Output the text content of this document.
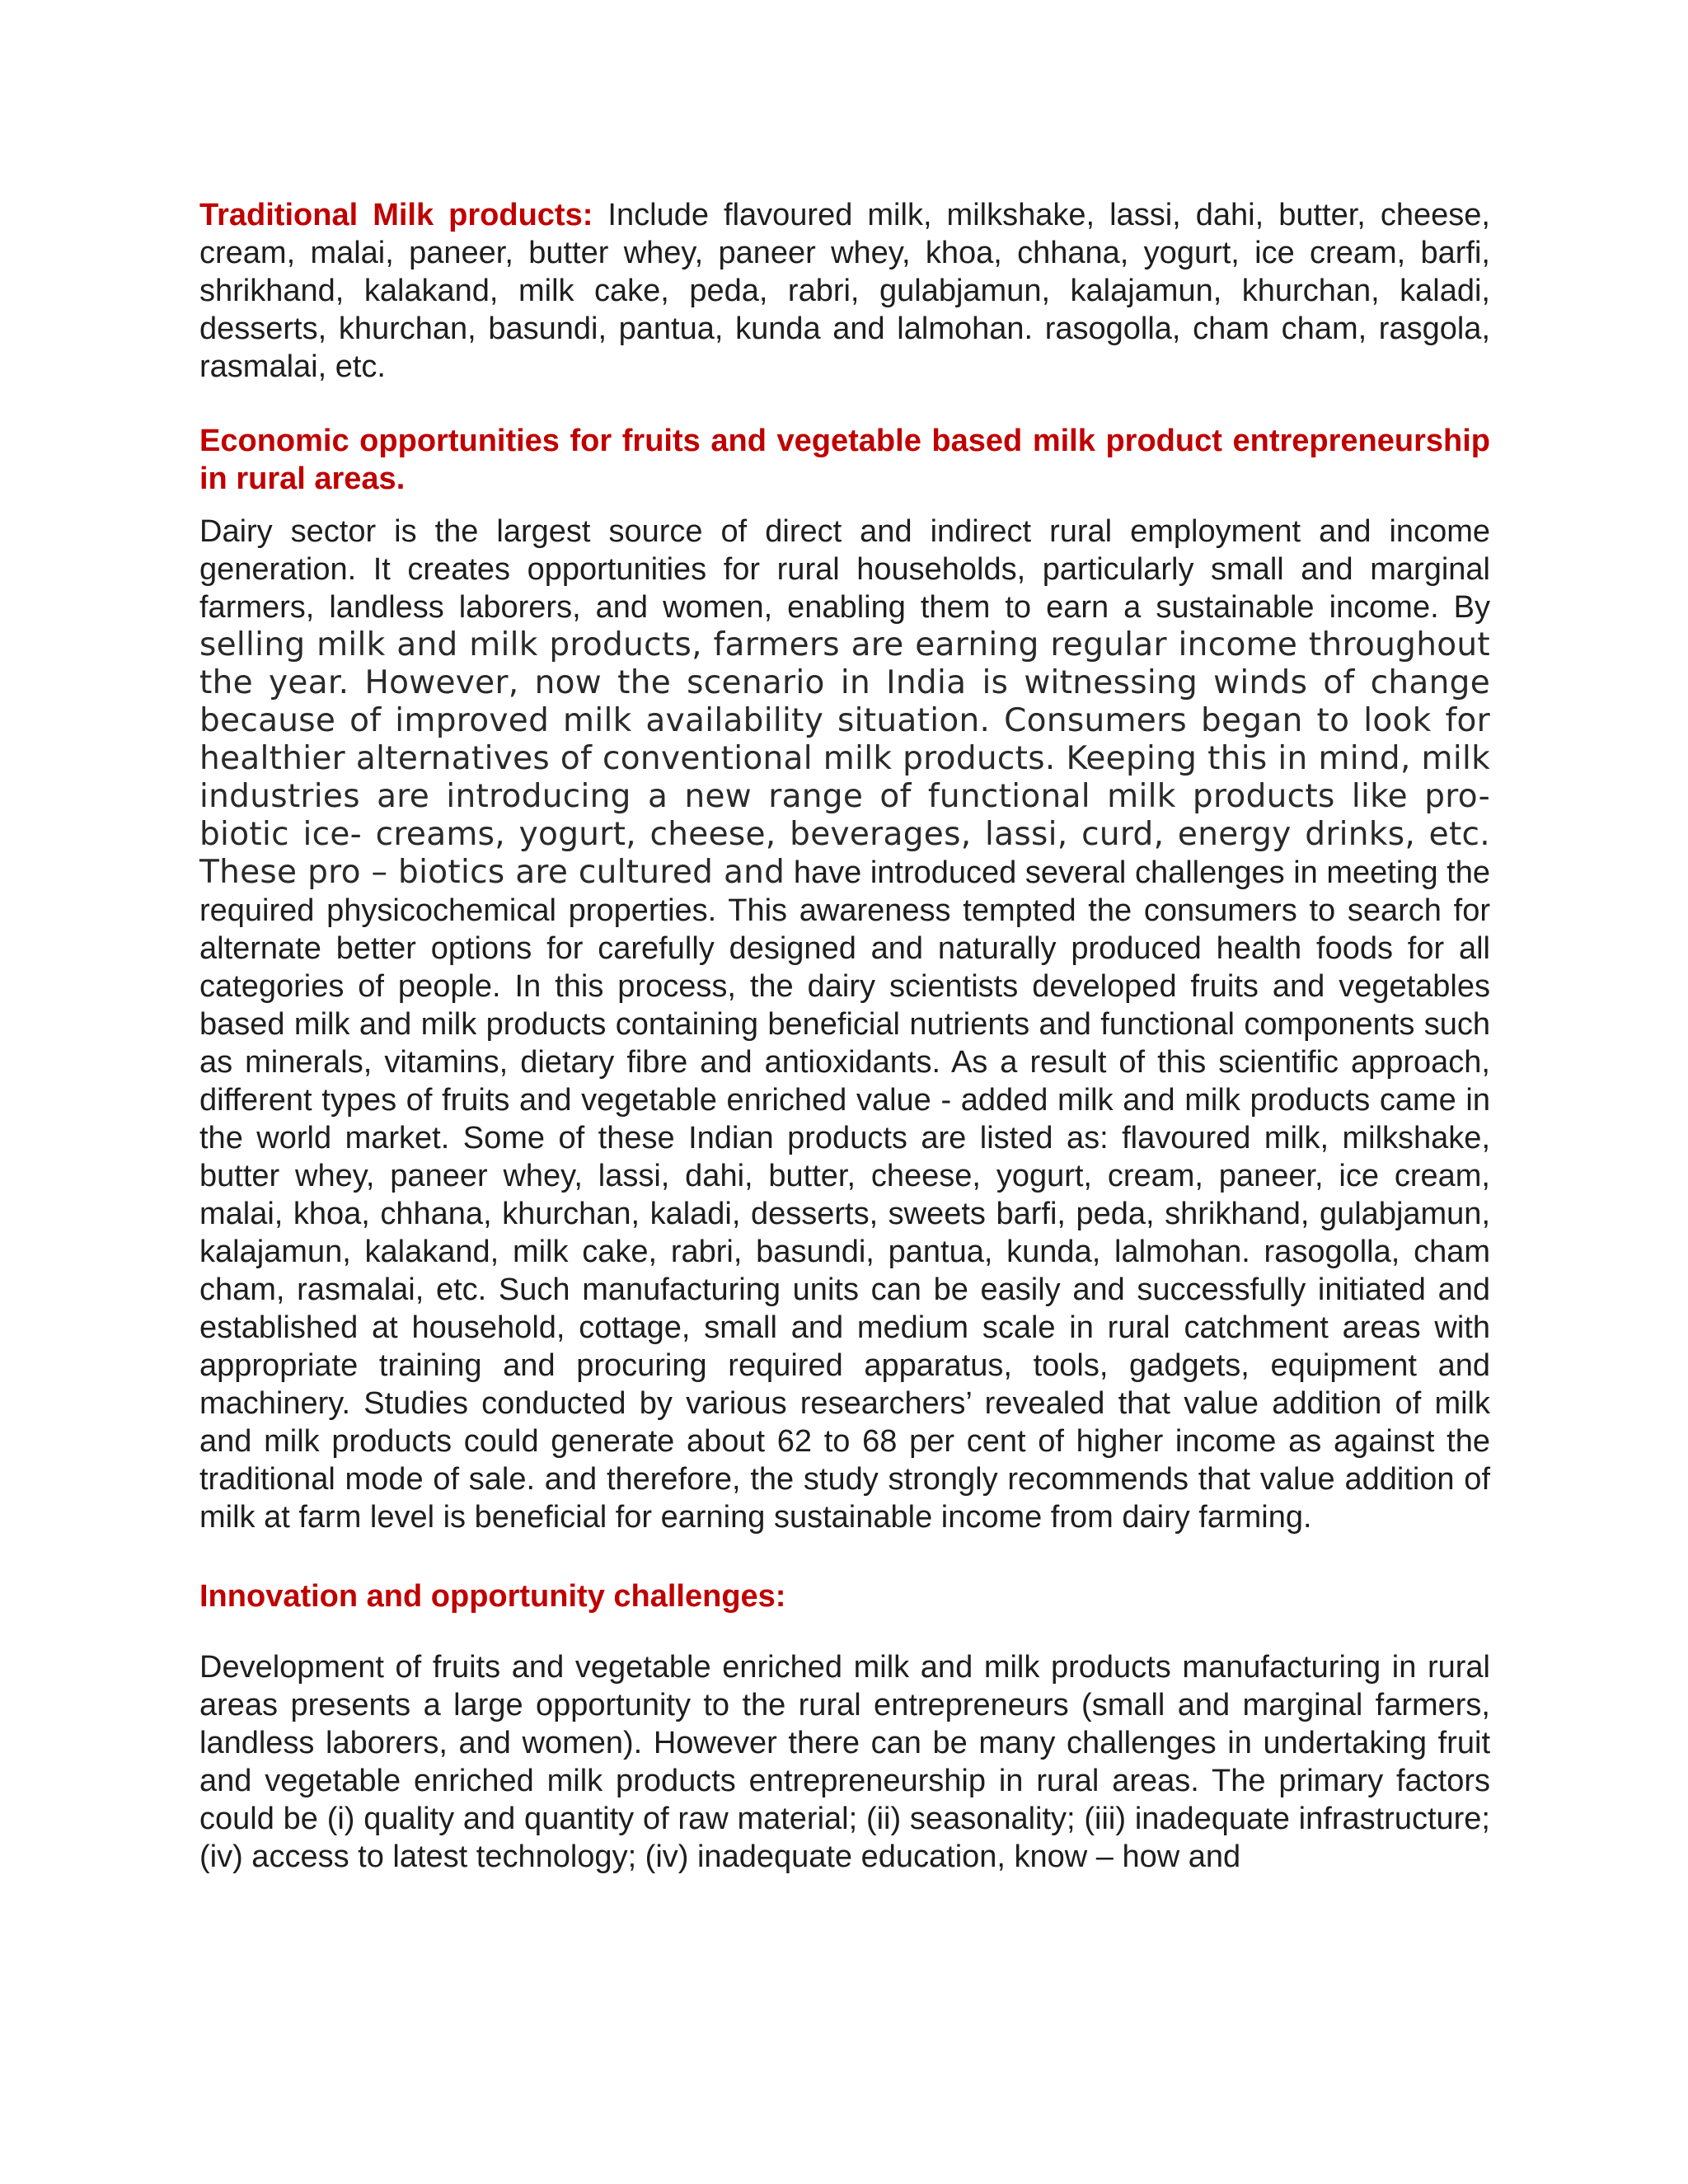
Traditional Milk products: Include flavoured milk, milkshake, lassi, dahi, butter, cheese, cream, malai, paneer, butter whey, paneer whey, khoa, chhana, yogurt, ice cream, barfi, shrikhand, kalakand, milk cake, peda, rabri, gulabjamun, kalajamun, khurchan, kaladi, desserts, khurchan, basundi, pantua, kunda and lalmohan. rasogolla, cham cham, rasgola, rasmalai, etc.

Economic opportunities for fruits and vegetable based milk product entrepreneurship in rural areas.

Dairy sector is the largest source of direct and indirect rural employment and income generation. It creates opportunities for rural households, particularly small and marginal farmers, landless laborers, and women, enabling them to earn a sustainable income. By selling milk and milk products, farmers are earning regular income throughout the year. However, now the scenario in India is witnessing winds of change because of improved milk availability situation. Consumers began to look for healthier alternatives of conventional milk products. Keeping this in mind, milk industries are introducing a new range of functional milk products like pro-biotic ice- creams, yogurt, cheese, beverages, lassi, curd, energy drinks, etc. These pro – biotics are cultured and have introduced several challenges in meeting the required physicochemical properties. This awareness tempted the consumers to search for alternate better options for carefully designed and naturally produced health foods for all categories of people. In this process, the dairy scientists developed fruits and vegetables based milk and milk products containing beneficial nutrients and functional components such as minerals, vitamins, dietary fibre and antioxidants. As a result of this scientific approach, different types of fruits and vegetable enriched value - added milk and milk products came in the world market. Some of these Indian products are listed as: flavoured milk, milkshake, butter whey, paneer whey, lassi, dahi, butter, cheese, yogurt, cream, paneer, ice cream, malai, khoa, chhana, khurchan, kaladi, desserts, sweets barfi, peda, shrikhand, gulabjamun, kalajamun, kalakand, milk cake, rabri, basundi, pantua, kunda, lalmohan. rasogolla, cham cham, rasmalai, etc. Such manufacturing units can be easily and successfully initiated and established at household, cottage, small and medium scale in rural catchment areas with appropriate training and procuring required apparatus, tools, gadgets, equipment and machinery. Studies conducted by various researchers’ revealed that value addition of milk and milk products could generate about 62 to 68 per cent of higher income as against the traditional mode of sale. and therefore, the study strongly recommends that value addition of milk at farm level is beneficial for earning sustainable income from dairy farming.

Innovation and opportunity challenges:

Development of fruits and vegetable enriched milk and milk products manufacturing in rural areas presents a large opportunity to the rural entrepreneurs (small and marginal farmers, landless laborers, and women). However there can be many challenges in undertaking fruit and vegetable enriched milk products entrepreneurship in rural areas. The primary factors could be (i) quality and quantity of raw material; (ii) seasonality; (iii) inadequate infrastructure; (iv) access to latest technology; (iv) inadequate education, know – how and
